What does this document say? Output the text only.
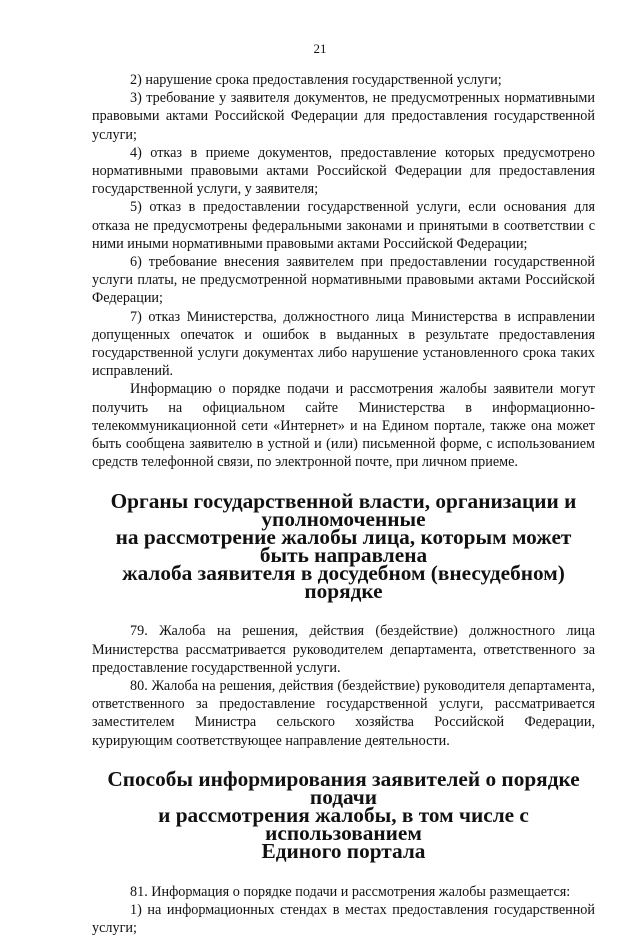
21

2) нарушение срока предоставления государственной услуги;

3) требование у заявителя документов, не предусмотренных нормативными правовыми актами Российской Федерации для предоставления государственной услуги;

4) отказ в приеме документов, предоставление которых предусмотрено нормативными правовыми актами Российской Федерации для предоставления государственной услуги, у заявителя;

5) отказ в предоставлении государственной услуги, если основания для отказа не предусмотрены федеральными законами и принятыми в соответствии с ними иными нормативными правовыми актами Российской Федерации;

6) требование внесения заявителем при предоставлении государственной услуги платы, не предусмотренной нормативными правовыми актами Российской Федерации;

7) отказ Министерства, должностного лица Министерства в исправлении допущенных опечаток и ошибок в выданных в результате предоставления государственной услуги документах либо нарушение установленного срока таких исправлений.

Информацию о порядке подачи и рассмотрения жалобы заявители могут получить на официальном сайте Министерства в информационно-телекоммуникационной сети «Интернет» и на Едином портале, также она может быть сообщена заявителю в устной и (или) письменной форме, с использованием средств телефонной связи, по электронной почте, при личном приеме.

Органы государственной власти, организации и уполномоченные
на рассмотрение жалобы лица, которым может быть направлена
жалоба заявителя в досудебном (внесудебном) порядке

79. Жалоба на решения, действия (бездействие) должностного лица Министерства рассматривается руководителем департамента, ответственного за предоставление государственной услуги.

80. Жалоба на решения, действия (бездействие) руководителя департамента, ответственного за предоставление государственной услуги, рассматривается заместителем Министра сельского хозяйства Российской Федерации, курирующим соответствующее направление деятельности.

Способы информирования заявителей о порядке подачи
и рассмотрения жалобы, в том числе с использованием
Единого портала

81. Информация о порядке подачи и рассмотрения жалобы размещается:

1) на информационных стендах в местах предоставления государственной услуги;
